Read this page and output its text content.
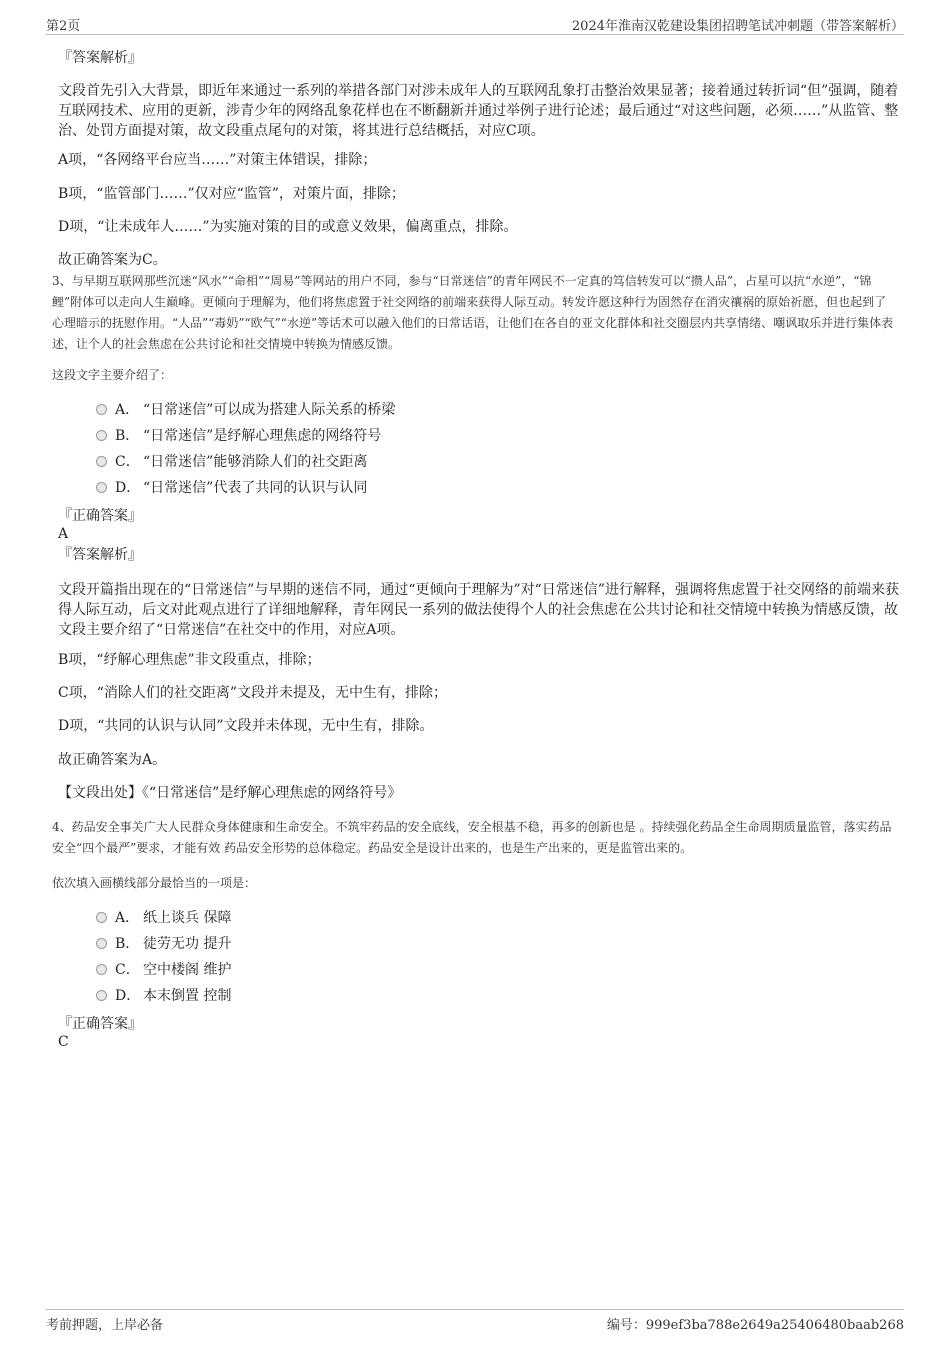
第2页	2024年淮南汉乾建设集团招聘笔试冲刺题（带答案解析）
『答案解析』
文段首先引入大背景，即近年来通过一系列的举措各部门对涉未成年人的互联网乱象打击整治效果显著；接着通过转折词“但”强调，随着互联网技术、应用的更新，涉青少年的网络乱象花样也在不断翻新并通过举例子进行论述；最后通过“对这些问题，必须……”从监管、整治、处罚方面提对策，故文段重点尾句的对策，将其进行总结概括，对应C项。
A项，“各网络平台应当……”对策主体错误，排除；
B项，“监管部门……”仅对应“监管”，对策片面，排除；
D项，“让未成年人……”为实施对策的目的或意义效果，偏离重点，排除。
故正确答案为C。
3、与早期互联网那些沉迷“风水”“命相”“周易”等网站的用户不同，参与“日常迷信”的青年网民不一定真的笃信转发可以“攒人品”，占星可以抗“水逆”，“锦鲤”附体可以走向人生巅峰。更倾向于理解为，他们将焦虑置于社交网络的前端来获得人际互动。转发许愿这种行为固然存在消灾禳祸的原始祈愿，但也起到了心理暗示的抚慰作用。“人品”“毒奶”“欧气”“水逆”等话术可以融入他们的日常话语，让他们在各自的亚文化群体和社交圈层内共享情绪、嘲讽取乐并进行集体表述，让个人的社会焦虑在公共讨论和社交情境中转换为情感反馈。
这段文字主要介绍了：
A． “日常迷信”可以成为搭建人际关系的桥梁
B． “日常迷信”是纾解心理焦虑的网络符号
C． “日常迷信”能够消除人们的社交距离
D． “日常迷信”代表了共同的认识与认同
『正确答案』
A
『答案解析』
文段开篇指出现在的“日常迷信”与早期的迷信不同，通过“更倾向于理解为”对“日常迷信”进行解释，强调将焦虑置于社交网络的前端来获得人际互动，后文对此观点进行了详细地解释，青年网民一系列的做法使得个人的社会焦虑在公共讨论和社交情境中转换为情感反馈，故文段主要介绍了“日常迷信”在社交中的作用，对应A项。
B项，“纾解心理焦虑”非文段重点，排除；
C项，“消除人们的社交距离”文段并未提及，无中生有，排除；
D项，“共同的认识与认同”文段并未体现，无中生有，排除。
故正确答案为A。
【文段出处】《“日常迷信”是纾解心理焦虑的网络符号》
4、药品安全事关广大人民群众身体健康和生命安全。不筑牢药品的安全底线，安全根基不稳，再多的创新也是 。持续强化药品全生命周期质量监管，落实药品安全“四个最严”要求，才能有效 药品安全形势的总体稳定。药品安全是设计出来的，也是生产出来的，更是监管出来的。
依次填入画横线部分最恰当的一项是：
A． 纸上谈兵 保障
B． 徒劳无功 提升
C． 空中楼阁 维护
D． 本末倒置 控制
『正确答案』
C
考前押题，上岸必备	编号：999ef3ba788e2649a25406480baab268
